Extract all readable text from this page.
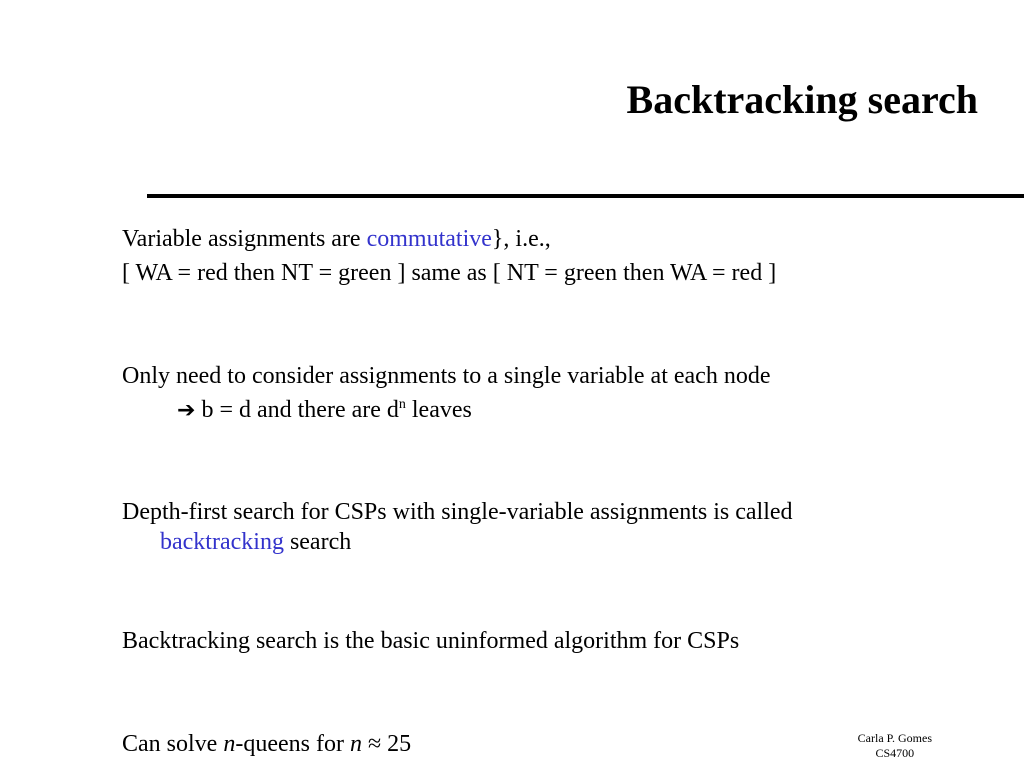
Backtracking search
Variable assignments are commutative}, i.e.,
[ WA = red then NT = green ] same as [ NT = green then WA = red ]
Only need to consider assignments to a single variable at each node
➔ b = d and there are $d^n$ leaves
Depth-first search for CSPs with single-variable assignments is called
backtracking search
Backtracking search is the basic uninformed algorithm for CSPs
Can solve n-queens for n ≈ 25	Carla P. Gomes
CS4700
